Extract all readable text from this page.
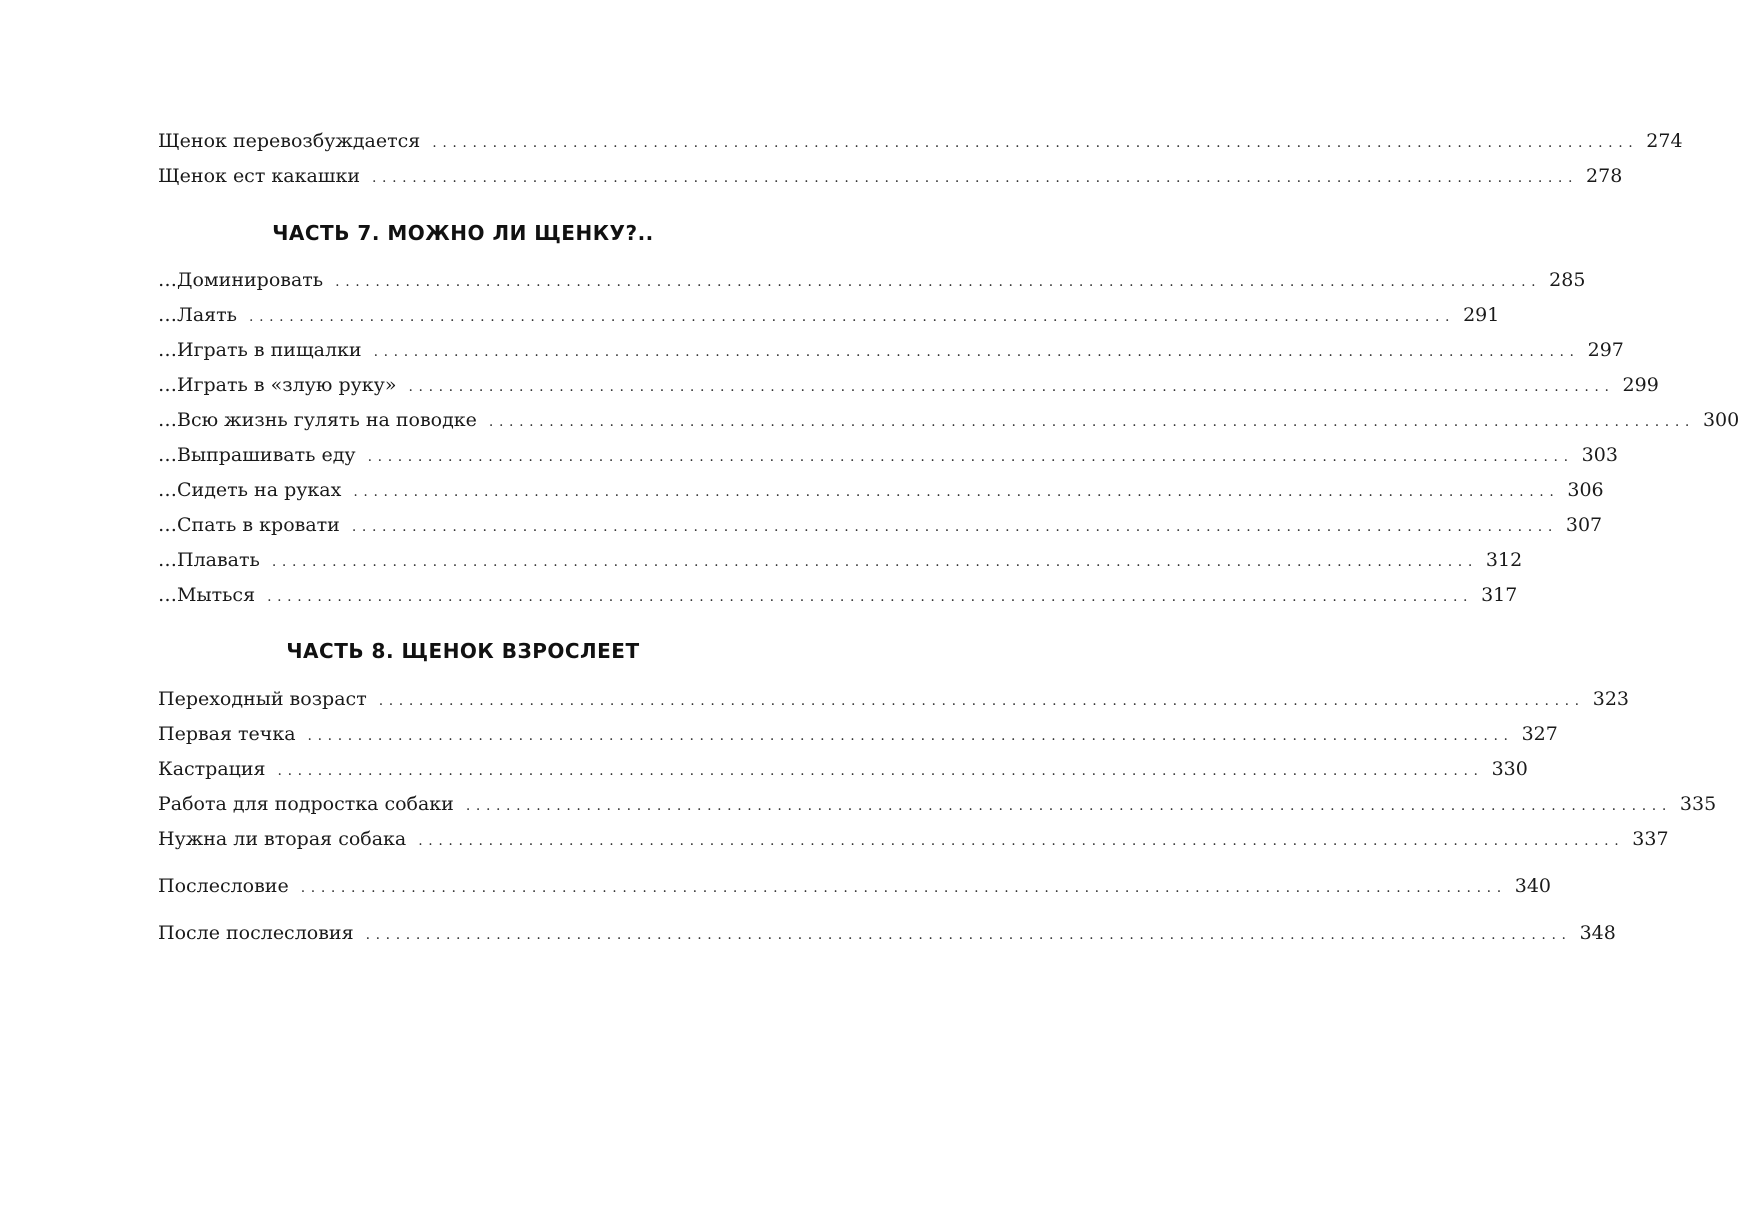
Щенок перевозбуждается ........................................................................................................................ 274
Щенок ест какашки ........................................................................................................................ 278
ЧАСТЬ 7. МОЖНО ЛИ ЩЕНКУ?..
…Доминировать ........................................................................................................................ 285
…Лаять ........................................................................................................................ 291
…Играть в пищалки ........................................................................................................................ 297
…Играть в «злую руку» ........................................................................................................................ 299
…Всю жизнь гулять на поводке ........................................................................................................................ 300
…Выпрашивать еду ........................................................................................................................ 303
…Сидеть на руках ........................................................................................................................ 306
…Спать в кровати ........................................................................................................................ 307
…Плавать ........................................................................................................................ 312
…Мыться ........................................................................................................................ 317
ЧАСТЬ 8. ЩЕНОК ВЗРОСЛЕЕТ
Переходный возраст ........................................................................................................................ 323
Первая течка ........................................................................................................................ 327
Кастрация ........................................................................................................................ 330
Работа для подростка собаки ........................................................................................................................ 335
Нужна ли вторая собака ........................................................................................................................ 337
Послесловие ........................................................................................................................ 340
После послесловия ........................................................................................................................ 348
